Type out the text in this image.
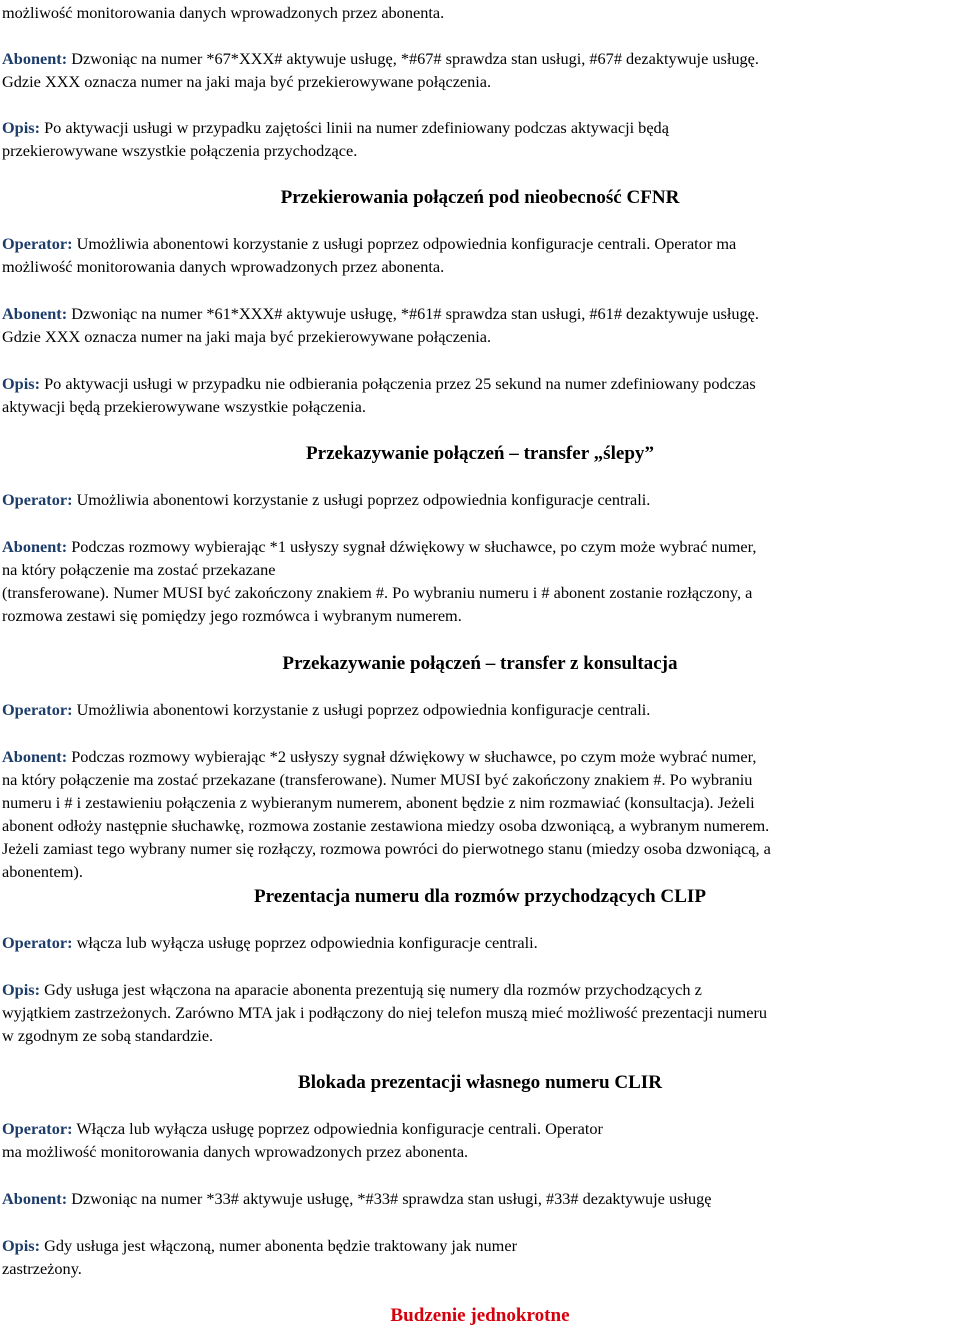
możliwość monitorowania danych wprowadzonych przez abonenta.

Abonent: Dzwoniąc na numer *67*XXX# aktywuje usługę, *#67# sprawdza stan usługi, #67# dezaktywuje usługę.
Gdzie XXX oznacza numer na jaki maja być przekierowywane połączenia.

Opis: Po aktywacji usługi w przypadku zajętości linii na numer zdefiniowany podczas aktywacji będą
przekierowywane wszystkie połączenia przychodzące.

Przekierowania połączeń pod nieobecność CFNR

Operator: Umożliwia abonentowi korzystanie z usługi poprzez odpowiednia konfiguracje centrali. Operator ma
możliwość monitorowania danych wprowadzonych przez abonenta.

Abonent: Dzwoniąc na numer *61*XXX# aktywuje usługę, *#61# sprawdza stan usługi, #61# dezaktywuje usługę.
Gdzie XXX oznacza numer na jaki maja być przekierowywane połączenia.

Opis: Po aktywacji usługi w przypadku nie odbierania połączenia przez 25 sekund na numer zdefiniowany podczas
aktywacji będą przekierowywane wszystkie połączenia.

Przekazywanie połączeń – transfer „ślepy”

Operator: Umożliwia abonentowi korzystanie z usługi poprzez odpowiednia konfiguracje centrali.

Abonent: Podczas rozmowy wybierając *1 usłyszy sygnał dźwiękowy w słuchawce, po czym może wybrać numer,
na który połączenie ma zostać przekazane
(transferowane). Numer MUSI być zakończony znakiem #. Po wybraniu numeru i # abonent zostanie rozłączony, a
rozmowa zestawi się pomiędzy jego rozmówca i wybranym numerem.

Przekazywanie połączeń – transfer z konsultacja

Operator: Umożliwia abonentowi korzystanie z usługi poprzez odpowiednia konfiguracje centrali.

Abonent: Podczas rozmowy wybierając *2 usłyszy sygnał dźwiękowy w słuchawce, po czym może wybrać numer,
na który połączenie ma zostać przekazane (transferowane). Numer MUSI być zakończony znakiem #. Po wybraniu
numeru i # i zestawieniu połączenia z wybieranym numerem, abonent będzie z nim rozmawiać (konsultacja). Jeżeli
abonent odłoży następnie słuchawkę, rozmowa zostanie zestawiona miedzy osoba dzwoniącą, a wybranym numerem.
Jeżeli zamiast tego wybrany numer się rozłączy, rozmowa powróci do pierwotnego stanu (miedzy osoba dzwoniącą, a
abonentem).

Prezentacja numeru dla rozmów przychodzących CLIP

Operator: włącza lub wyłącza usługę poprzez odpowiednia konfiguracje centrali.

Opis: Gdy usługa jest włączona na aparacie abonenta prezentują się numery dla rozmów przychodzących z
wyjątkiem zastrzeżonych. Zarówno MTA jak i podłączony do niej telefon muszą mieć możliwość prezentacji numeru
w zgodnym ze sobą standardzie.

Blokada prezentacji własnego numeru CLIR

Operator: Włącza lub wyłącza usługę poprzez odpowiednia konfiguracje centrali. Operator
ma możliwość monitorowania danych wprowadzonych przez abonenta.

Abonent: Dzwoniąc na numer *33# aktywuje usługę, *#33# sprawdza stan usługi, #33# dezaktywuje usługę

Opis: Gdy usługa jest włączoną, numer abonenta będzie traktowany jak numer
zastrzeżony.

Budzenie jednokrotne
